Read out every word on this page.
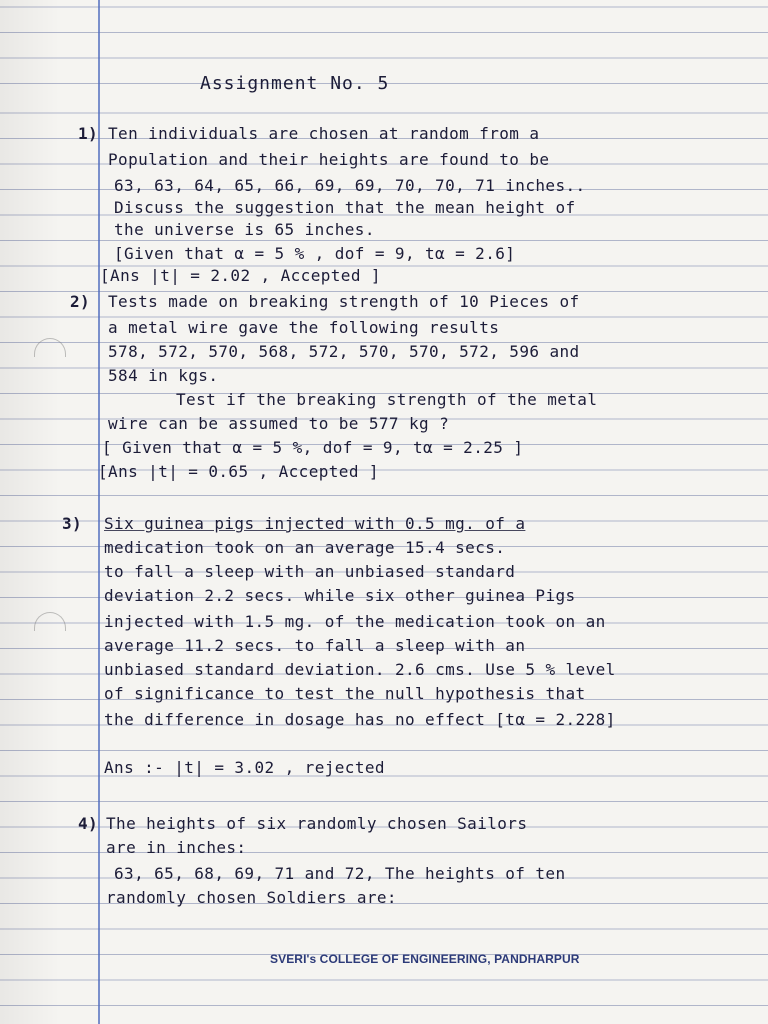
Assignment No. 5
1) Ten individuals are chosen at random from a
Population and their heights are found to be
63, 63, 64, 65, 66, 69, 69, 70, 70, 71 inches..
Discuss the suggestion that the mean height of
the universe is 65 inches.
[Given that α = 5 % , dof = 9, tα = 2.6]
[Ans |t| = 2.02 , Accepted ]
2) Tests made on breaking strength of 10 Pieces of
a metal wire gave the following results
578, 572, 570, 568, 572, 570, 570, 572, 596 and
584 in kgs.
Test if the breaking strength of the metal
wire can be assumed to be 577 kg ?
[ Given that α = 5 %, dof = 9, tα = 2.25 ]
[Ans |t| = 0.65 , Accepted ]
3) Six guinea pigs injected with 0.5 mg. of a
medication took on an average 15.4 secs.
to fall a sleep with an unbiased standard
deviation 2.2 secs. while six other guinea Pigs
injected with 1.5 mg. of the medication took on an
average 11.2 secs. to fall a sleep with an
unbiased standard deviation. 2.6 cms. Use 5 % level
of significance to test the null hypothesis that
the difference in dosage has no effect [tα = 2.228]
Ans :- |t| = 3.02 , rejected
4) The heights of six randomly chosen Sailors
are in inches:
63, 65, 68, 69, 71 and 72, The heights of ten
randomly chosen Soldiers are:
SVERI's COLLEGE OF ENGINEERING, PANDHARPUR
